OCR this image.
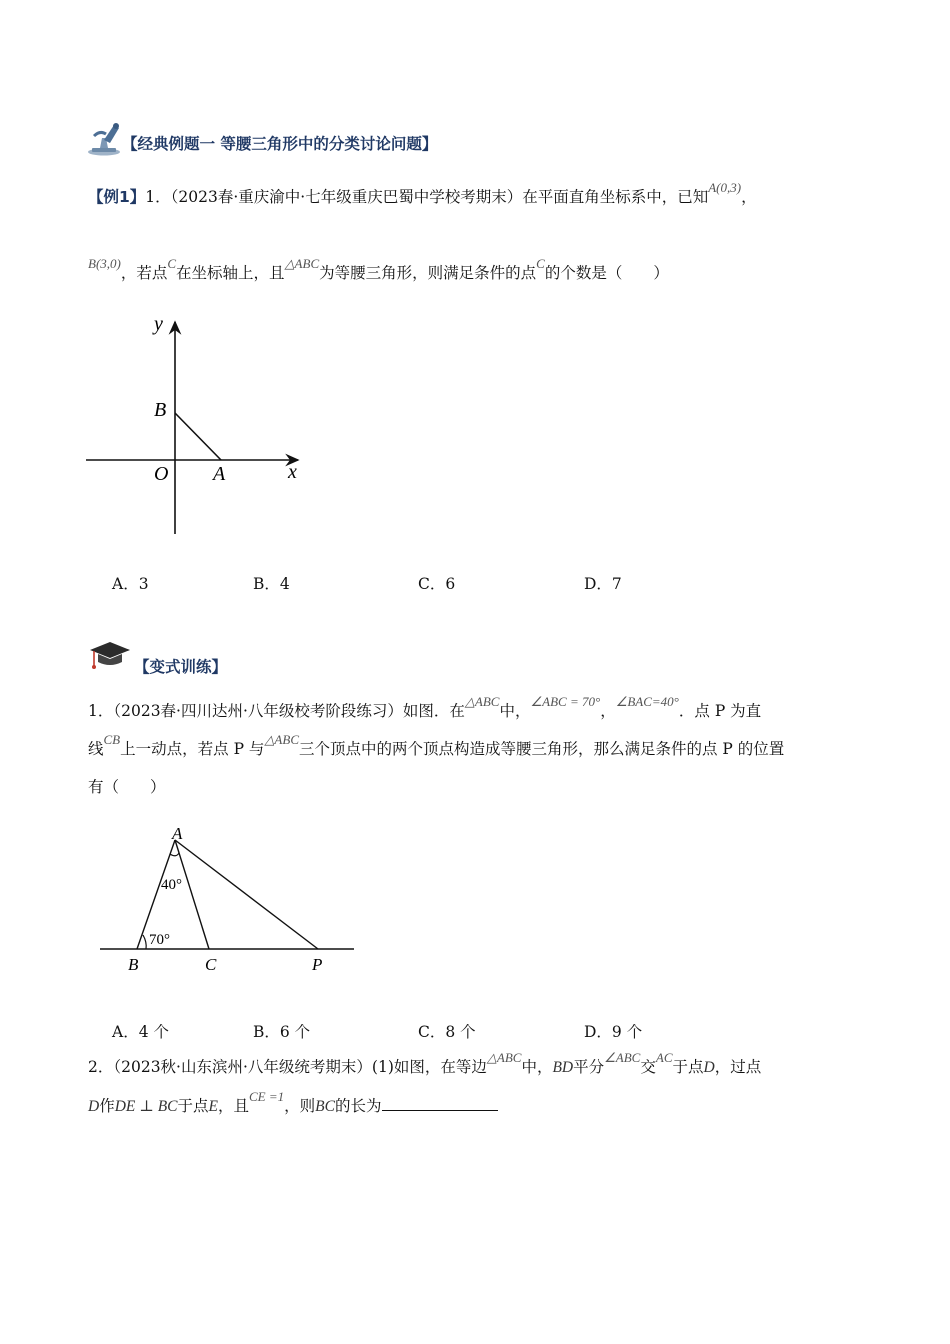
【经典例题一 等腰三角形中的分类讨论问题】
【例1】1．（2023春·重庆渝中·七年级重庆巴蜀中学校考期末）在平面直角坐标系中，已知$^{A(0,3)}$，
$^{B(3,0)}$，若点$^C$在坐标轴上，且$^{\triangle ABC}$为等腰三角形，则满足条件的点$^C$的个数是（　　）
y
B
O A	x
A．3	B．4	C．6	D．7
【变式训练】
1．（2023春·四川达州·八年级校考阶段练习）如图．在$^{\triangle ABC}$中，$^{\angle ABC = 70^\circ}$，$^{\angle BAC=40^\circ}$．点 P 为直
线$^{CB}$上一动点，若点 P 与$^{\triangle ABC}$三个顶点中的两个顶点构造成等腰三角形，那么满足条件的点 P 的位置
有（　　）
A
40°
70°
B	C	P
A．4 个	B．6 个	C．8 个	D．9 个
2．（2023秋·山东滨州·八年级统考期末）(1)如图，在等边$^{\triangle ABC}$中，BD平分$^{\angle ABC}$交$^{AC}$于点D，过点
D作DE ⊥ BC于点E，且$^{CE =1}$，则BC的长为
